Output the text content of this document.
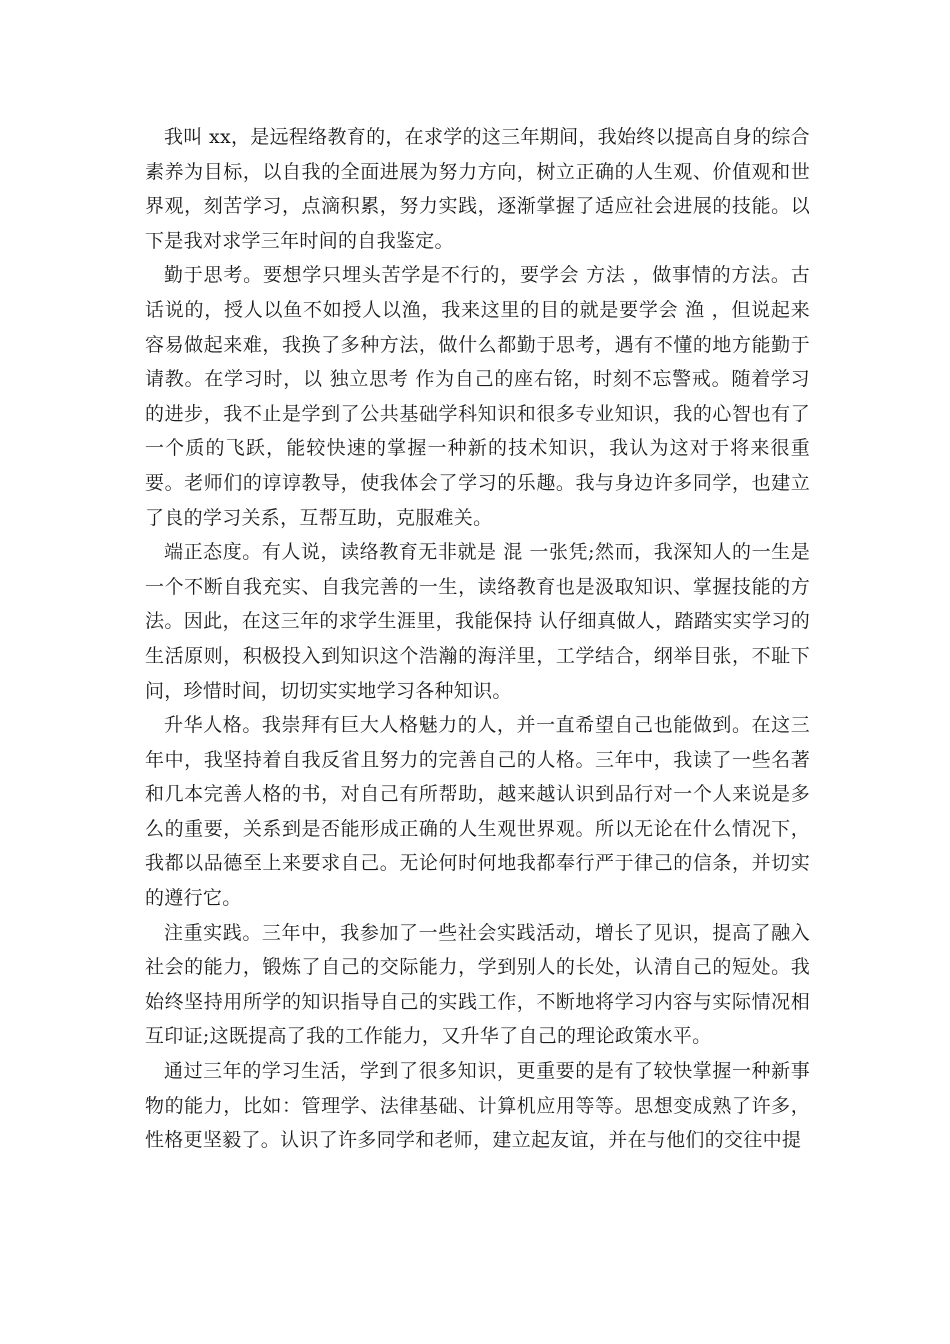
我叫 xx，是远程络教育的，在求学的这三年期间，我始终以提高自身的综合素养为目标，以自我的全面进展为努力方向，树立正确的人生观、价值观和世界观，刻苦学习，点滴积累，努力实践，逐渐掌握了适应社会进展的技能。以下是我对求学三年时间的自我鉴定。

勤于思考。要想学只埋头苦学是不行的，要学会 方法 ，做事情的方法。古话说的，授人以鱼不如授人以渔，我来这里的目的就是要学会 渔 ，但说起来容易做起来难，我换了多种方法，做什么都勤于思考，遇有不懂的地方能勤于请教。在学习时，以 独立思考 作为自己的座右铭，时刻不忘警戒。随着学习的进步，我不止是学到了公共基础学科知识和很多专业知识，我的心智也有了一个质的飞跃，能较快速的掌握一种新的技术知识，我认为这对于将来很重要。老师们的谆谆教导，使我体会了学习的乐趣。我与身边许多同学，也建立了良的学习关系，互帮互助，克服难关。

端正态度。有人说，读络教育无非就是 混 一张凭;然而，我深知人的一生是一个不断自我充实、自我完善的一生，读络教育也是汲取知识、掌握技能的方法。因此，在这三年的求学生涯里，我能保持 认仔细真做人，踏踏实实学习的生活原则，积极投入到知识这个浩瀚的海洋里，工学结合，纲举目张，不耻下问，珍惜时间，切切实实地学习各种知识。

升华人格。我崇拜有巨大人格魅力的人，并一直希望自己也能做到。在这三年中，我坚持着自我反省且努力的完善自己的人格。三年中，我读了一些名著和几本完善人格的书，对自己有所帮助，越来越认识到品行对一个人来说是多么的重要，关系到是否能形成正确的人生观世界观。所以无论在什么情况下，我都以品德至上来要求自己。无论何时何地我都奉行严于律己的信条，并切实的遵行它。

注重实践。三年中，我参加了一些社会实践活动，增长了见识，提高了融入社会的能力，锻炼了自己的交际能力，学到别人的长处，认清自己的短处。我始终坚持用所学的知识指导自己的实践工作，不断地将学习内容与实际情况相互印证;这既提高了我的工作能力，又升华了自己的理论政策水平。

通过三年的学习生活，学到了很多知识，更重要的是有了较快掌握一种新事物的能力，比如：管理学、法律基础、计算机应用等等。思想变成熟了许多，性格更坚毅了。认识了许多同学和老师，建立起友谊，并在与他们的交往中提
